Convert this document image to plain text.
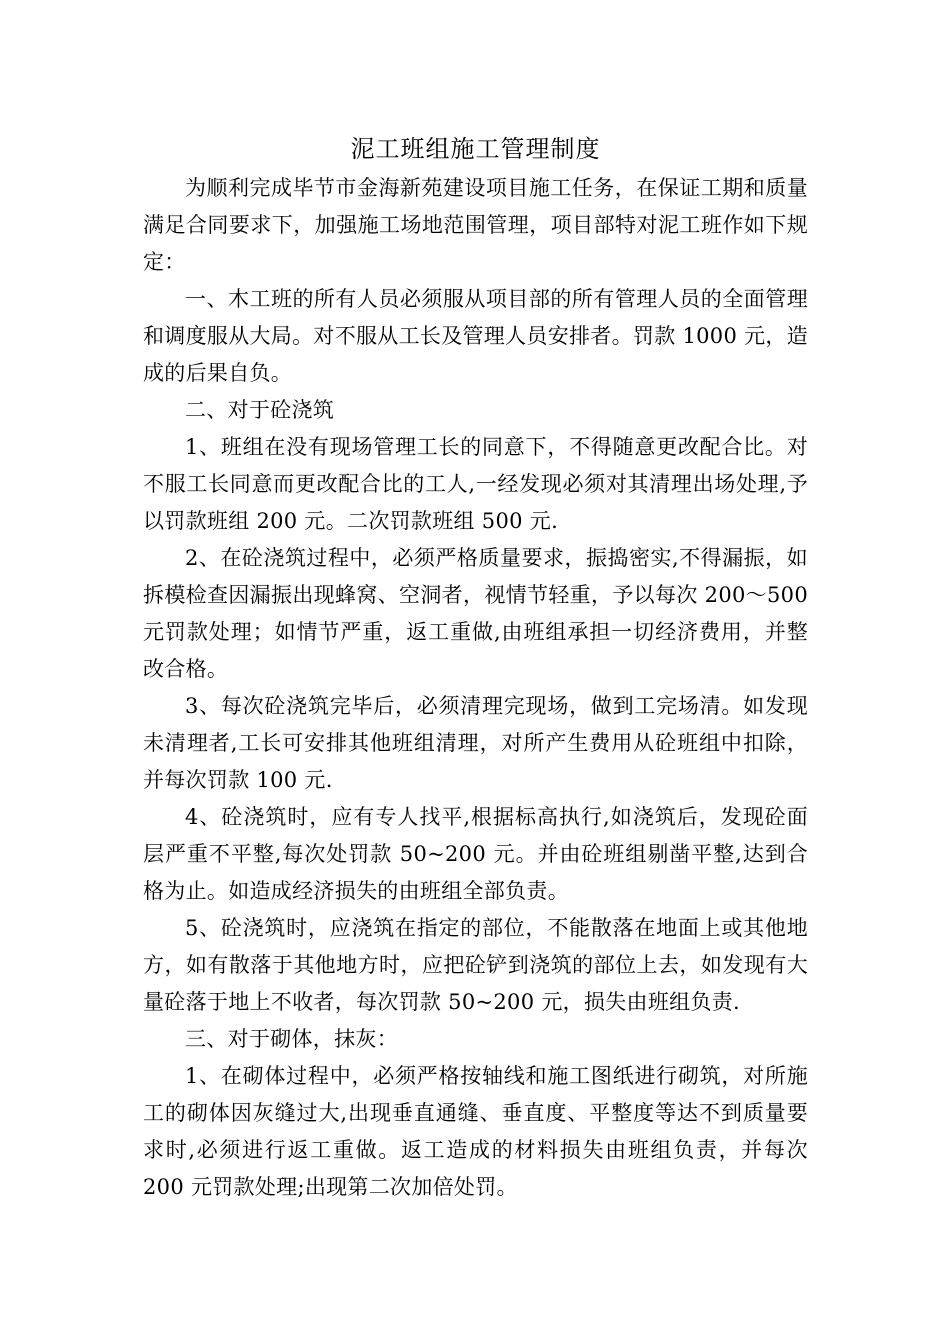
泥工班组施工管理制度

为顺利完成毕节市金海新苑建设项目施工任务，在保证工期和质量满足合同要求下，加强施工场地范围管理，项目部特对泥工班作如下规定：

一、木工班的所有人员必须服从项目部的所有管理人员的全面管理和调度服从大局。对不服从工长及管理人员安排者。罚款 1000 元，造成的后果自负。

二、对于砼浇筑

1、班组在没有现场管理工长的同意下，不得随意更改配合比。对不服工长同意而更改配合比的工人,一经发现必须对其清理出场处理,予以罚款班组 200 元。二次罚款班组 500 元.

2、在砼浇筑过程中，必须严格质量要求，振捣密实,不得漏振，如拆模检查因漏振出现蜂窝、空洞者，视情节轻重，予以每次 200～500 元罚款处理；如情节严重，返工重做,由班组承担一切经济费用，并整改合格。

3、每次砼浇筑完毕后，必须清理完现场，做到工完场清。如发现未清理者,工长可安排其他班组清理，对所产生费用从砼班组中扣除，并每次罚款 100 元.

4、砼浇筑时，应有专人找平,根据标高执行,如浇筑后，发现砼面层严重不平整,每次处罚款 50~200 元。并由砼班组剔凿平整,达到合格为止。如造成经济损失的由班组全部负责。

5、砼浇筑时，应浇筑在指定的部位，不能散落在地面上或其他地方，如有散落于其他地方时，应把砼铲到浇筑的部位上去，如发现有大量砼落于地上不收者，每次罚款 50~200 元，损失由班组负责.

三、对于砌体，抹灰：

1、在砌体过程中，必须严格按轴线和施工图纸进行砌筑，对所施工的砌体因灰缝过大,出现垂直通缝、垂直度、平整度等达不到质量要求时,必须进行返工重做。返工造成的材料损失由班组负责，并每次 200 元罚款处理;出现第二次加倍处罚。
